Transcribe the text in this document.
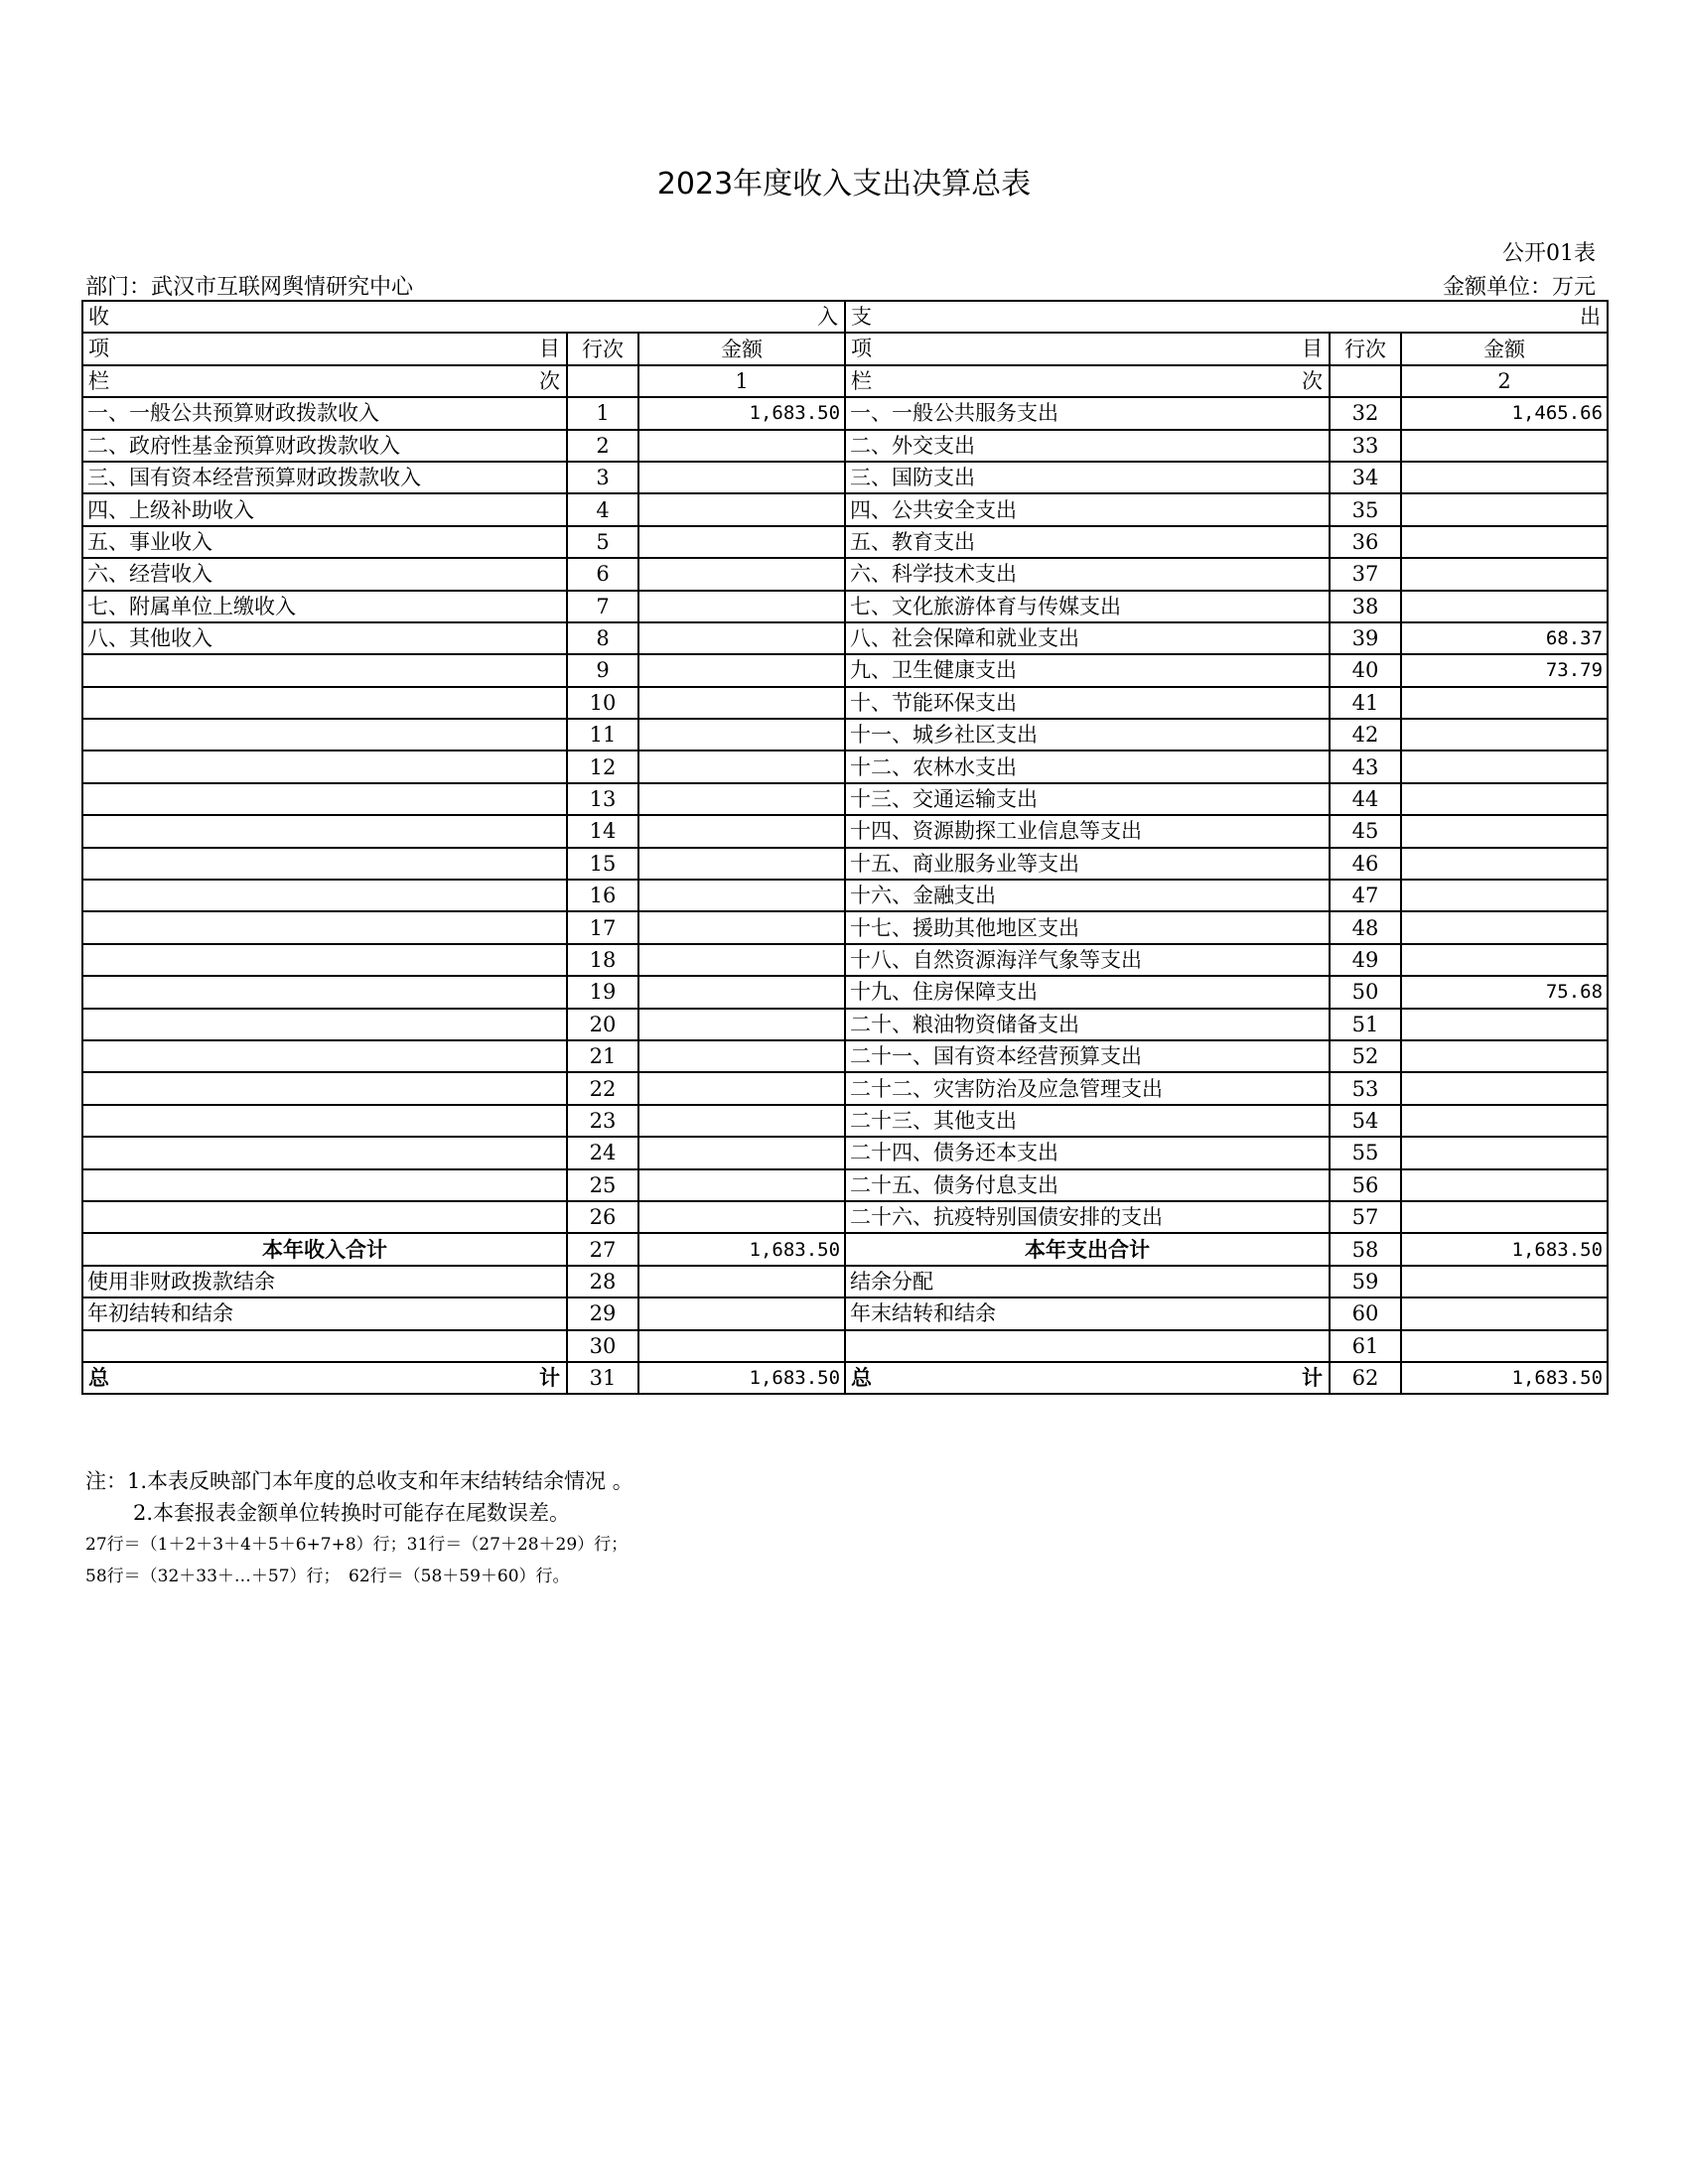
2023年度收入支出决算总表
公开01表
部门：武汉市互联网舆情研究中心	金额单位：万元
收 入			支 出		

项 目	行次	金额	项 目	行次	金额

栏 次		1	栏 次		2
一、一般公共预算财政拨款收入	1	1,683.50	一、一般公共服务支出	32	1,465.66
二、政府性基金预算财政拨款收入	2		二、外交支出	33	
三、国有资本经营预算财政拨款收入	3		三、国防支出	34	
四、上级补助收入	4		四、公共安全支出	35	
五、事业收入	5		五、教育支出	36	
六、经营收入	6		六、科学技术支出	37	
七、附属单位上缴收入	7		七、文化旅游体育与传媒支出	38	
八、其他收入	8		八、社会保障和就业支出	39	68.37
	9		九、卫生健康支出	40	73.79
	10		十、节能环保支出	41	
	11		十一、城乡社区支出	42	
	12		十二、农林水支出	43	
	13		十三、交通运输支出	44	
	14		十四、资源勘探工业信息等支出	45	
	15		十五、商业服务业等支出	46	
	16		十六、金融支出	47	
	17		十七、援助其他地区支出	48	
	18		十八、自然资源海洋气象等支出	49	
	19		十九、住房保障支出	50	75.68
	20		二十、粮油物资储备支出	51	
	21		二十一、国有资本经营预算支出	52	
	22		二十二、灾害防治及应急管理支出	53	
	23		二十三、其他支出	54	
	24		二十四、债务还本支出	55	
	25		二十五、债务付息支出	56	
	26		二十六、抗疫特别国债安排的支出	57	
本年收入合计	27	1,683.50	本年支出合计	58	1,683.50
使用非财政拨款结余	28		结余分配	59	
年初结转和结余	29		年末结转和结余	60	
	30			61	

总 计	31	1,683.50	总 计	62	1,683.50
注：1.本表反映部门本年度的总收支和年末结转结余情况 。
2.本套报表金额单位转换时可能存在尾数误差。
27行＝（1＋2＋3＋4＋5＋6+7+8）行；31行＝（27＋28＋29）行；
58行＝（32＋33＋…＋57）行；　62行＝（58＋59＋60）行。
